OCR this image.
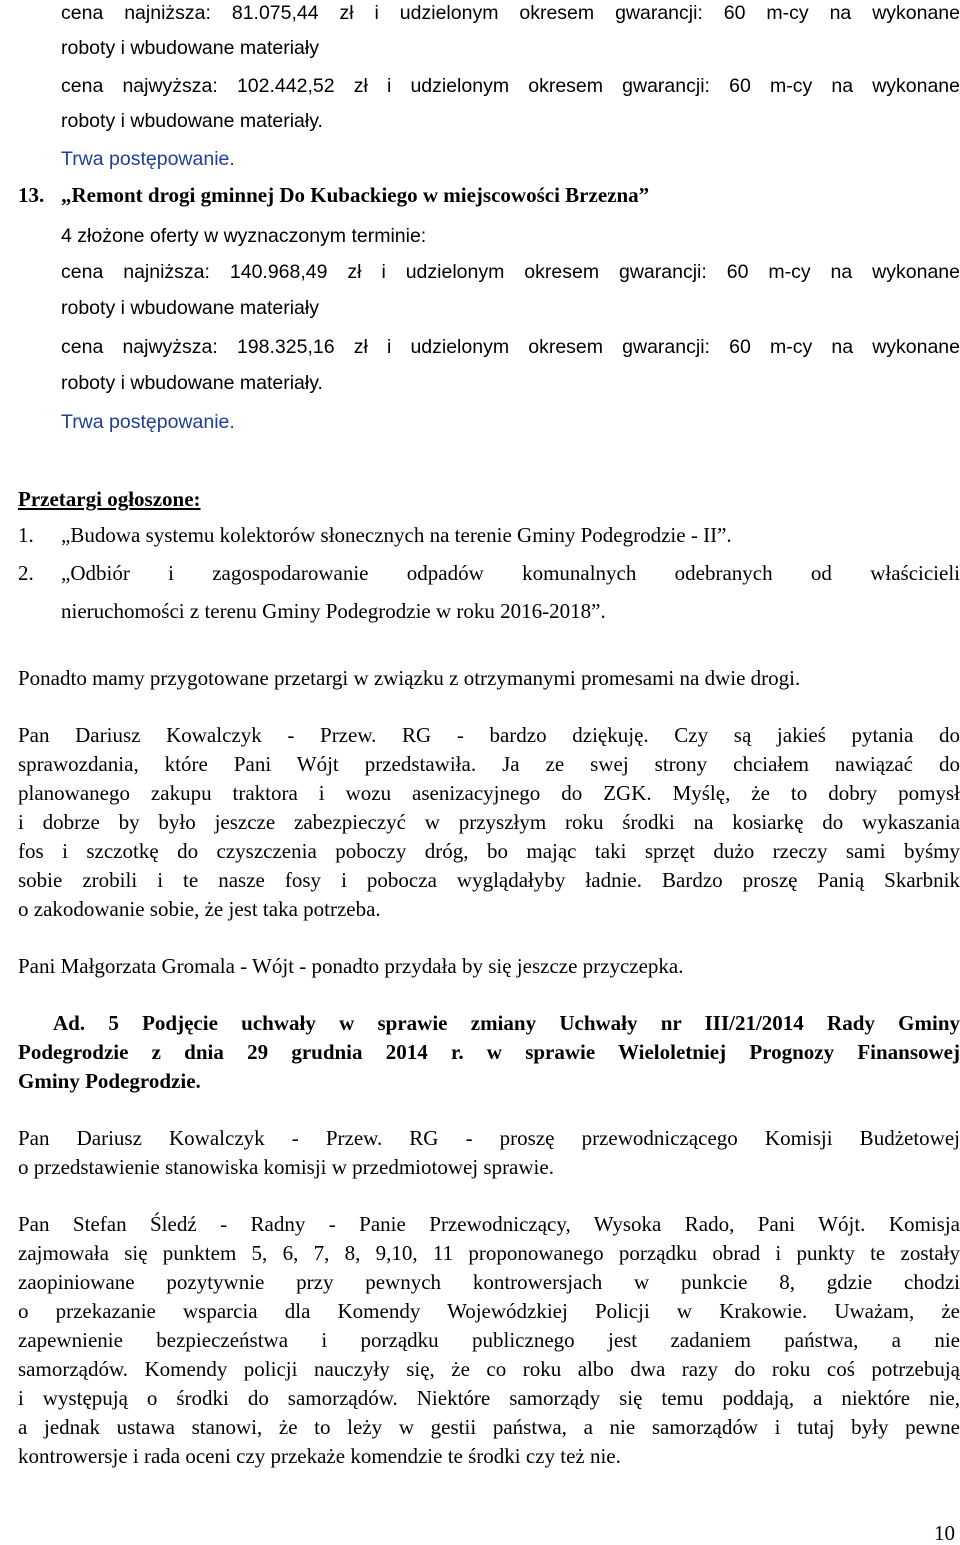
cena najniższa: 81.075,44 zł i udzielonym okresem gwarancji: 60 m-cy na wykonane
roboty i wbudowane materiały
cena najwyższa: 102.442,52 zł i udzielonym okresem gwarancji: 60 m-cy na wykonane
roboty i wbudowane materiały.
Trwa postępowanie.
13. „Remont drogi gminnej Do Kubackiego w miejscowości Brzezna”
4 złożone oferty w wyznaczonym terminie:
cena najniższa: 140.968,49 zł i udzielonym okresem gwarancji: 60 m-cy na wykonane
roboty i wbudowane materiały
cena najwyższa: 198.325,16 zł i udzielonym okresem gwarancji: 60 m-cy na wykonane
roboty i wbudowane materiały.
Trwa postępowanie.
Przetargi ogłoszone:
1. „Budowa systemu kolektorów słonecznych na terenie Gminy Podegrodzie - II”.
2. „Odbiór i zagospodarowanie odpadów komunalnych odebranych od właścicieli
nieruchomości z terenu Gminy Podegrodzie w roku 2016-2018”.
Ponadto mamy przygotowane przetargi w związku z otrzymanymi promesami na dwie drogi.
Pan Dariusz Kowalczyk - Przew. RG - bardzo dziękuję. Czy są jakieś pytania do
sprawozdania, które Pani Wójt przedstawiła. Ja ze swej strony chciałem nawiązać do
planowanego zakupu traktora i wozu asenizacyjnego do ZGK. Myślę, że to dobry pomysł
i dobrze by było jeszcze zabezpieczyć w przyszłym roku środki na kosiarkę do wykaszania
fos i szczotkę do czyszczenia poboczy dróg, bo mając taki sprzęt dużo rzeczy sami byśmy
sobie zrobili i te nasze fosy i pobocza wyglądałyby ładnie. Bardzo proszę Panią Skarbnik
o zakodowanie sobie, że jest taka potrzeba.
Pani Małgorzata Gromala - Wójt - ponadto przydała by się jeszcze przyczepka.
Ad. 5 Podjęcie uchwały w sprawie zmiany Uchwały nr III/21/2014 Rady Gminy
Podegrodzie z dnia 29 grudnia 2014 r. w sprawie Wieloletniej Prognozy Finansowej
Gminy Podegrodzie.
Pan Dariusz Kowalczyk - Przew. RG - proszę przewodniczącego Komisji Budżetowej
o przedstawienie stanowiska komisji w przedmiotowej sprawie.
Pan Stefan Śledź - Radny - Panie Przewodniczący, Wysoka Rado, Pani Wójt. Komisja
zajmowała się punktem 5, 6, 7, 8, 9,10, 11 proponowanego porządku obrad i punkty te zostały
zaopiniowane pozytywnie przy pewnych kontrowersjach w punkcie 8, gdzie chodzi
o przekazanie wsparcia dla Komendy Wojewódzkiej Policji w Krakowie. Uważam, że
zapewnienie bezpieczeństwa i porządku publicznego jest zadaniem państwa, a nie
samorządów. Komendy policji nauczyły się, że co roku albo dwa razy do roku coś potrzebują
i występują o środki do samorządów. Niektóre samorządy się temu poddają, a niektóre nie,
a jednak ustawa stanowi, że to leży w gestii państwa, a nie samorządów i tutaj były pewne
kontrowersje i rada oceni czy przekaże komendzie te środki czy też nie.
10
